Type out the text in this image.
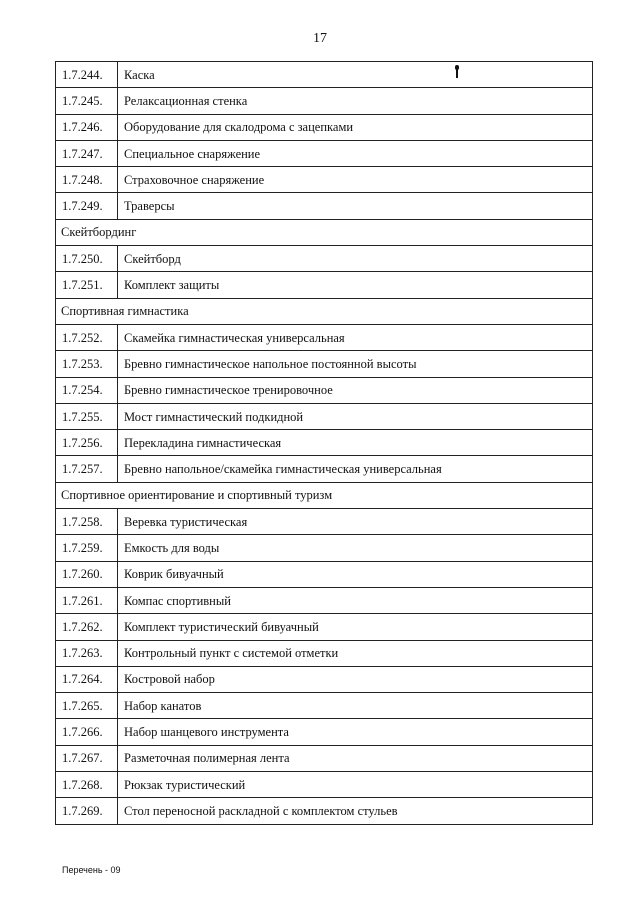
17
1.7.244.	Каска
1.7.245.	Релаксационная стенка
1.7.246.	Оборудование для скалодрома с зацепками
1.7.247.	Специальное снаряжение
1.7.248.	Страховочное снаряжение
1.7.249.	Траверсы
Скейтбординг	
1.7.250.	Скейтборд
1.7.251.	Комплект защиты
Спортивная гимнастика	
1.7.252.	Скамейка гимнастическая универсальная
1.7.253.	Бревно гимнастическое напольное постоянной высоты
1.7.254.	Бревно гимнастическое тренировочное
1.7.255.	Мост гимнастический подкидной
1.7.256.	Перекладина гимнастическая
1.7.257.	Бревно напольное/скамейка гимнастическая универсальная
Спортивное ориентирование и спортивный туризм	
1.7.258.	Веревка туристическая
1.7.259.	Емкость для воды
1.7.260.	Коврик бивуачный
1.7.261.	Компас спортивный
1.7.262.	Комплект туристический бивуачный
1.7.263.	Контрольный пункт с системой отметки
1.7.264.	Костровой набор
1.7.265.	Набор канатов
1.7.266.	Набор шанцевого инструмента
1.7.267.	Разметочная полимерная лента
1.7.268.	Рюкзак туристический
1.7.269.	Стол переносной раскладной с комплектом стульев
Перечень - 09
